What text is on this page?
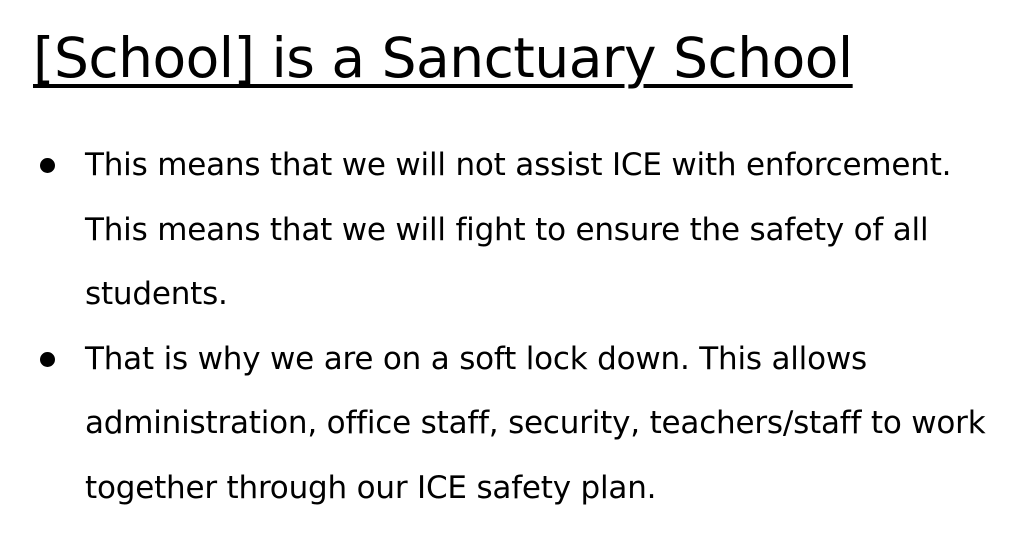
[School] is a Sanctuary School
This means that we will not assist ICE with enforcement. This means that we will fight to ensure the safety of all students.
That is why we are on a soft lock down. This allows administration, office staff, security, teachers/staff to work together through our ICE safety plan.
